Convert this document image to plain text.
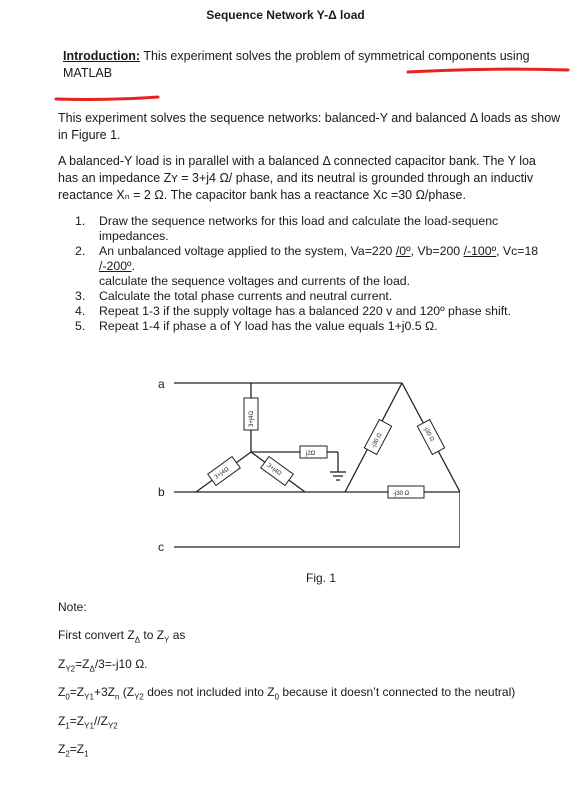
Sequence Network Y-Δ load
Introduction: This experiment solves the problem of symmetrical components using MATLAB
This experiment solves the sequence networks: balanced-Y and balanced Δ loads as show
in Figure 1.
A balanced-Y load is in parallel with a balanced Δ connected capacitor bank. The Y loa
has an impedance Zʏ = 3+j4 Ω/ phase, and its neutral is grounded through an inductiv
reactance Xₙ = 2 Ω. The capacitor bank has a reactance Xc =30 Ω/phase.
1. Draw the sequence networks for this load and calculate the load-sequenc
impedances.
2. An unbalanced voltage applied to the system, Va=220 /0º, Vb=200 /-100º, Vc=18
/-200º.
calculate the sequence voltages and currents of the load.
3. Calculate the total phase currents and neutral current.
4. Repeat 1-3 if the supply voltage has a balanced 220 v and 120º phase shift.
5. Repeat 1-4 if phase a of Y load has the value equals 1+j0.5 Ω.
3+j4Ω
3+j4Ω	3+j4Ω
j2Ω
-j30 Ω	-j30 Ω
-j30 Ω
a
b
c
Fig. 1
Note:
First convert $Z_\Delta$ to $Z_Y$ as
$Z_{Y2}=Z_\Delta/3=-j10$ Ω.
$Z_0=Z_{Y1}+3Z_n$ ($Z_{Y2}$ does not included into $Z_0$ because it doesn’t connected to the neutral)
$Z_1=Z_{Y1}//Z_{Y2}$
$Z_2=Z_1$
